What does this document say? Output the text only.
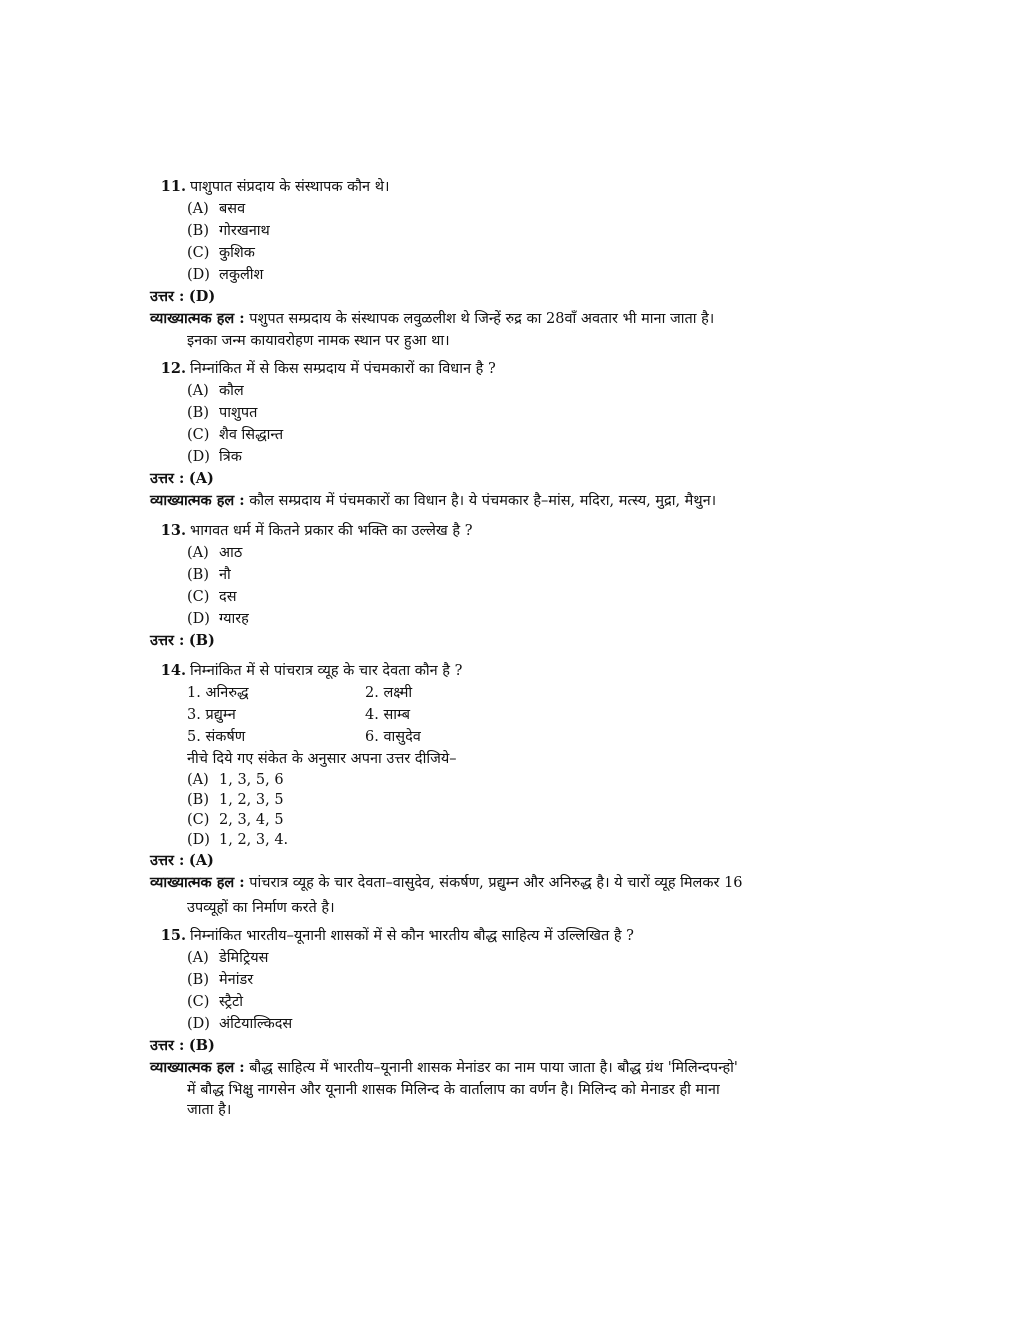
11. पाशुपात संप्रदाय के संस्थापक कौन थे।
(A) बसव
(B) गोरखनाथ
(C) कुशिक
(D) लकुलीश
उत्तर : (D)
व्याख्यात्मक हल : पशुपत सम्प्रदाय के संस्थापक लवुळलीश थे जिन्हें रुद्र का 28वाँ अवतार भी माना जाता है।
इनका जन्म कायावरोहण नामक स्थान पर हुआ था।
12. निम्नांकित में से किस सम्प्रदाय में पंचमकारों का विधान है ?
(A) कौल
(B) पाशुपत
(C) शैव सिद्धान्त
(D) त्रिक
उत्तर : (A)
व्याख्यात्मक हल : कौल सम्प्रदाय में पंचमकारों का विधान है। ये पंचमकार है–मांस, मदिरा, मत्स्य, मुद्रा, मैथुन।
13. भागवत धर्म में कितने प्रकार की भक्ति का उल्लेख है ?
(A) आठ
(B) नौ
(C) दस
(D) ग्यारह
उत्तर : (B)
14. निम्नांकित में से पांचरात्र व्यूह के चार देवता कौन है ?
1. अनिरुद्ध	2. लक्ष्मी
3. प्रद्युम्न	4. साम्ब
5. संकर्षण	6. वासुदेव
नीचे दिये गए संकेत के अनुसार अपना उत्तर दीजिये–
(A) 1, 3, 5, 6
(B) 1, 2, 3, 5
(C) 2, 3, 4, 5
(D) 1, 2, 3, 4.
उत्तर : (A)
व्याख्यात्मक हल : पांचरात्र व्यूह के चार देवता–वासुदेव, संकर्षण, प्रद्युम्न और अनिरुद्ध है। ये चारों व्यूह मिलकर 16
उपव्यूहों का निर्माण करते है।
15. निम्नांकित भारतीय–यूनानी शासकों में से कौन भारतीय बौद्ध साहित्य में उल्लिखित है ?
(A) डेमिट्रियस
(B) मेनांडर
(C) स्ट्रैटो
(D) अंटियाल्किदस
उत्तर : (B)
व्याख्यात्मक हल : बौद्ध साहित्य में भारतीय–यूनानी शासक मेनांडर का नाम पाया जाता है। बौद्ध ग्रंथ 'मिलिन्दपन्हो'
में बौद्ध भिक्षु नागसेन और यूनानी शासक मिलिन्द के वार्तालाप का वर्णन है। मिलिन्द को मेनाडर ही माना
जाता है।
